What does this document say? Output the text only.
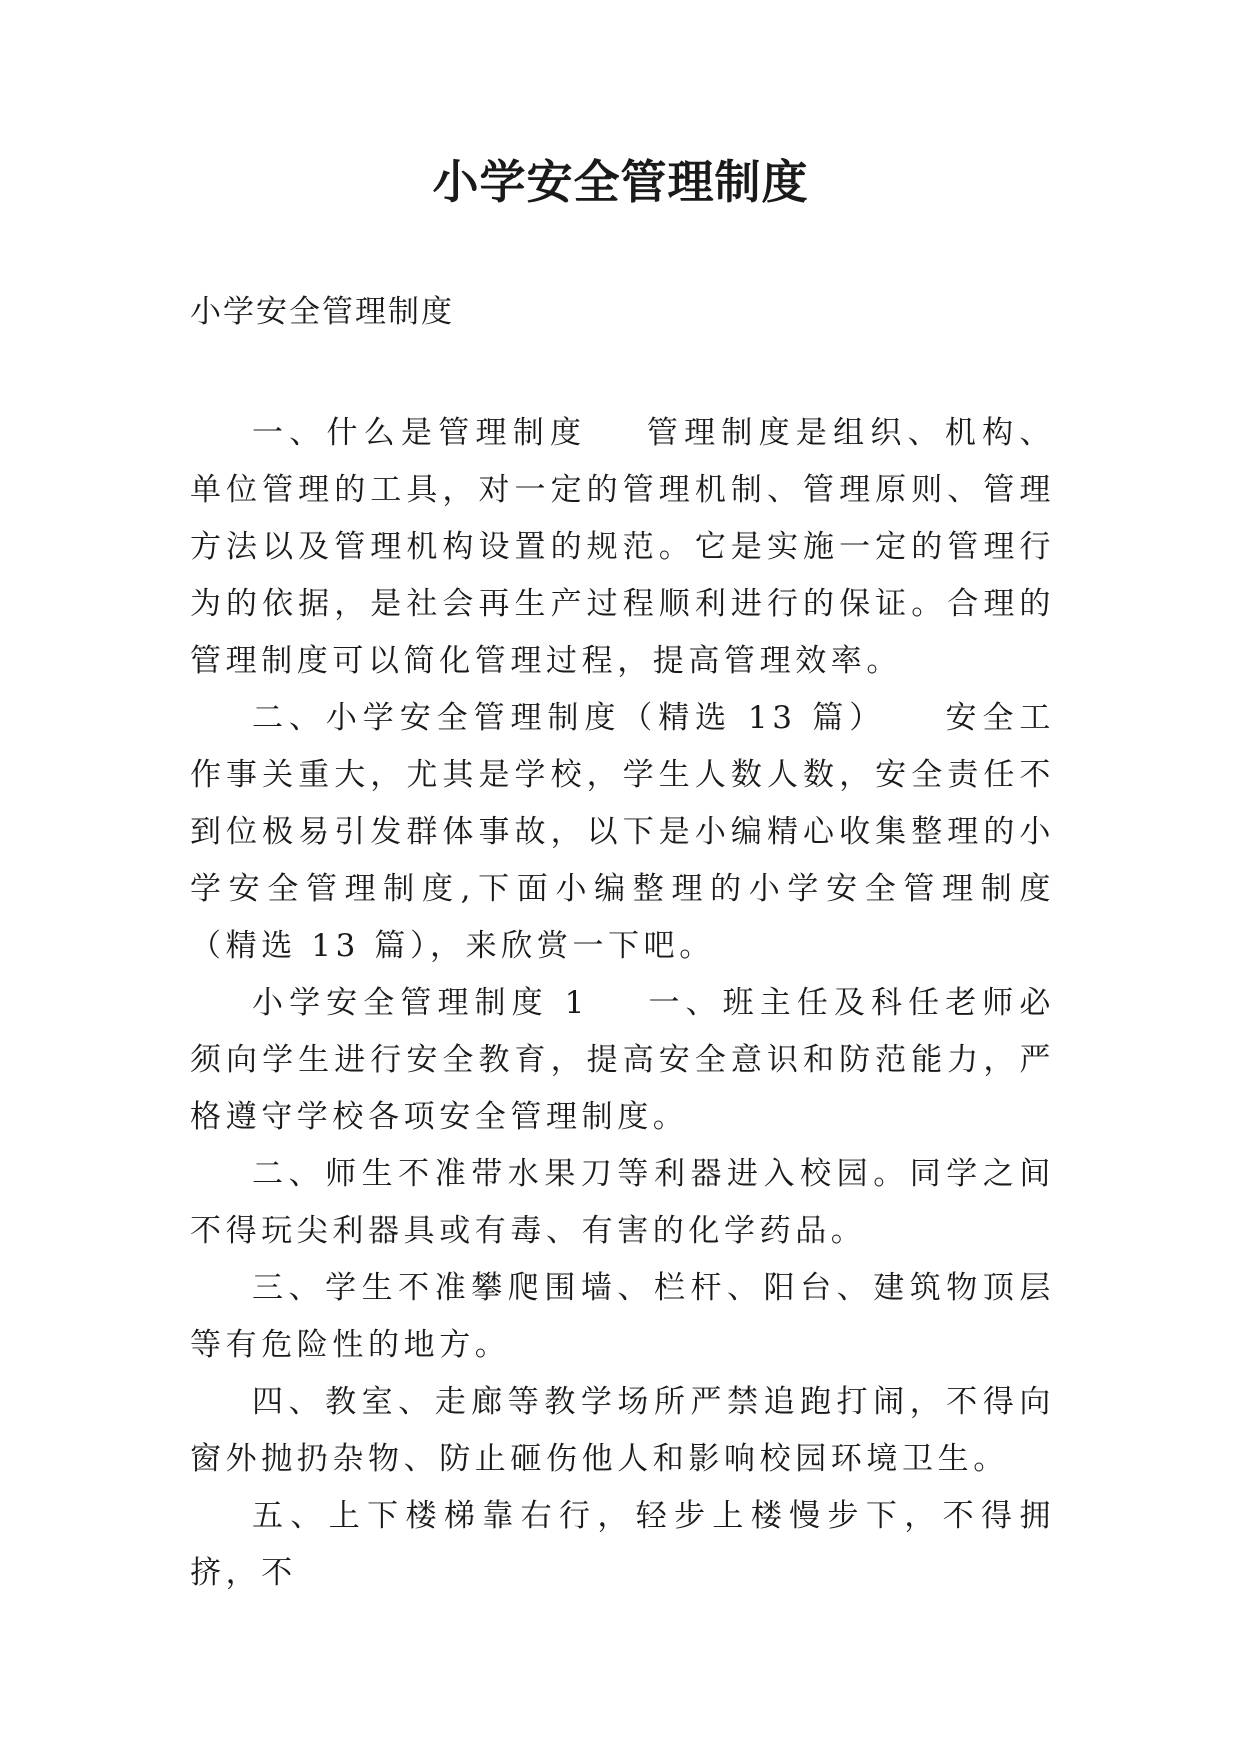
小学安全管理制度

小学安全管理制度

一、什么是管理制度 管理制度是组织、机构、单位管理的工具，对一定的管理机制、管理原则、管理方法以及管理机构设置的规范。它是实施一定的管理行为的依据，是社会再生产过程顺利进行的保证。合理的管理制度可以简化管理过程，提高管理效率。

二、小学安全管理制度（精选 13 篇） 安全工作事关重大，尤其是学校，学生人数人数，安全责任不到位极易引发群体事故，以下是小编精心收集整理的小学安全管理制度,下面小编整理的小学安全管理制度（精选 13 篇），来欣赏一下吧。

小学安全管理制度 1 一、班主任及科任老师必须向学生进行安全教育，提高安全意识和防范能力，严格遵守学校各项安全管理制度。

二、师生不准带水果刀等利器进入校园。同学之间不得玩尖利器具或有毒、有害的化学药品。

三、学生不准攀爬围墙、栏杆、阳台、建筑物顶层等有危险性的地方。

四、教室、走廊等教学场所严禁追跑打闹，不得向窗外抛扔杂物、防止砸伤他人和影响校园环境卫生。

五、上下楼梯靠右行，轻步上楼慢步下，不得拥挤，不
